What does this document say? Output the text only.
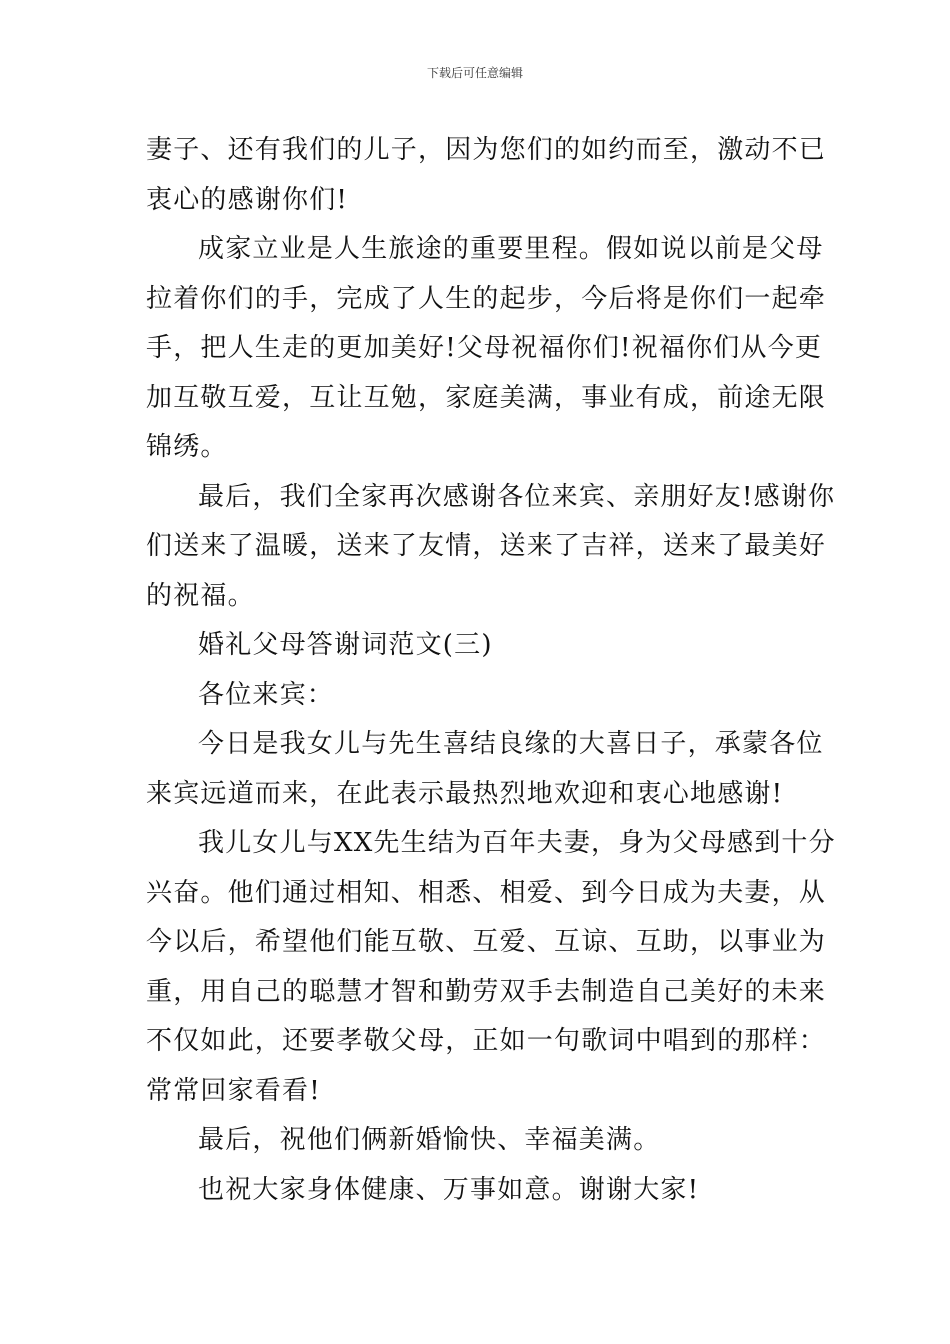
下载后可任意编辑
妻子、还有我们的儿子，因为您们的如约而至，激动不已
衷心的感谢你们!
成家立业是人生旅途的重要里程。假如说以前是父母
拉着你们的手，完成了人生的起步，今后将是你们一起牵
手，把人生走的更加美好!父母祝福你们!祝福你们从今更
加互敬互爱，互让互勉，家庭美满，事业有成，前途无限
锦绣。
最后，我们全家再次感谢各位来宾、亲朋好友!感谢你
们送来了温暖，送来了友情，送来了吉祥，送来了最美好
的祝福。
婚礼父母答谢词范文(三)
各位来宾：
今日是我女儿与先生喜结良缘的大喜日子，承蒙各位
来宾远道而来，在此表示最热烈地欢迎和衷心地感谢!
我儿女儿与XX先生结为百年夫妻，身为父母感到十分
兴奋。他们通过相知、相悉、相爱、到今日成为夫妻，从
今以后，希望他们能互敬、互爱、互谅、互助，以事业为
重，用自己的聪慧才智和勤劳双手去制造自己美好的未来
不仅如此，还要孝敬父母，正如一句歌词中唱到的那样：
常常回家看看!
最后，祝他们俩新婚愉快、幸福美满。
也祝大家身体健康、万事如意。谢谢大家!
